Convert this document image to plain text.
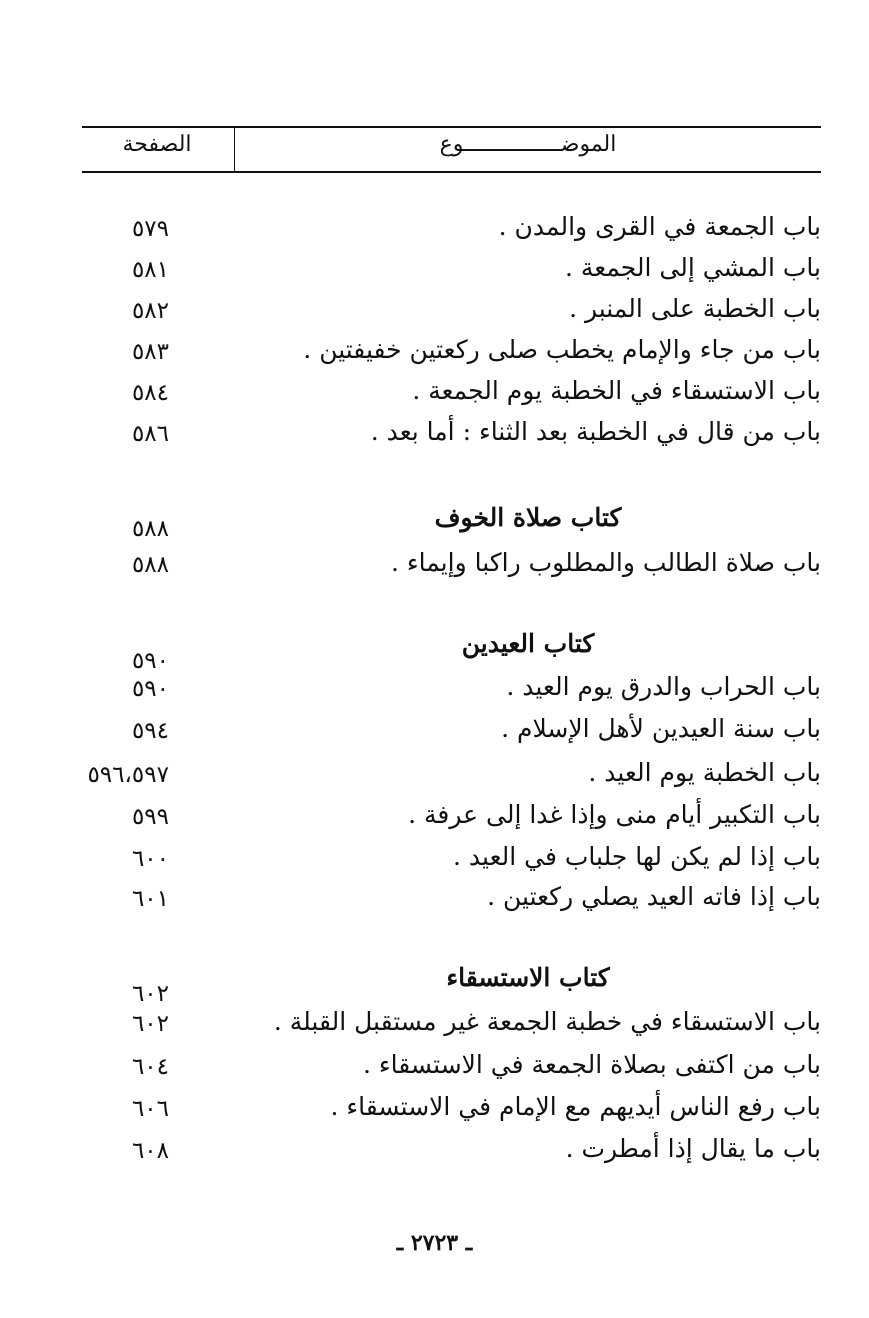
الموضـــــــــــــــوع
الصفحة
باب الجمعة في القرى والمدن .
٥٧٩
باب المشي إلى الجمعة .
٥٨١
باب الخطبة على المنبر .
٥٨٢
باب من جاء والإمام يخطب صلى ركعتين خفيفتين .
٥٨٣
باب الاستسقاء في الخطبة يوم الجمعة .
٥٨٤
باب من قال في الخطبة بعد الثناء : أما بعد .
٥٨٦
كتاب صلاة الخوف
٥٨٨
باب صلاة الطالب والمطلوب راكبا وإيماء .
٥٨٨
كتاب العيدين
٥٩٠
باب الحراب والدرق يوم العيد .
٥٩٠
باب سنة العيدين لأهل الإسلام .
٥٩٤
باب الخطبة يوم العيد .
٥٩٦،٥٩٧
باب التكبير أيام منى وإذا غدا إلى عرفة .
٥٩٩
باب إذا لم يكن لها جلباب في العيد .
٦٠٠
باب إذا فاته العيد يصلي ركعتين .
٦٠١
كتاب الاستسقاء
٦٠٢
باب الاستسقاء في خطبة الجمعة غير مستقبل القبلة .
٦٠٢
باب من اكتفى بصلاة الجمعة في الاستسقاء .
٦٠٤
باب رفع الناس أيديهم مع الإمام في الاستسقاء .
٦٠٦
باب ما يقال إذا أمطرت .
٦٠٨
ـ ٢٧٢٣ ـ
